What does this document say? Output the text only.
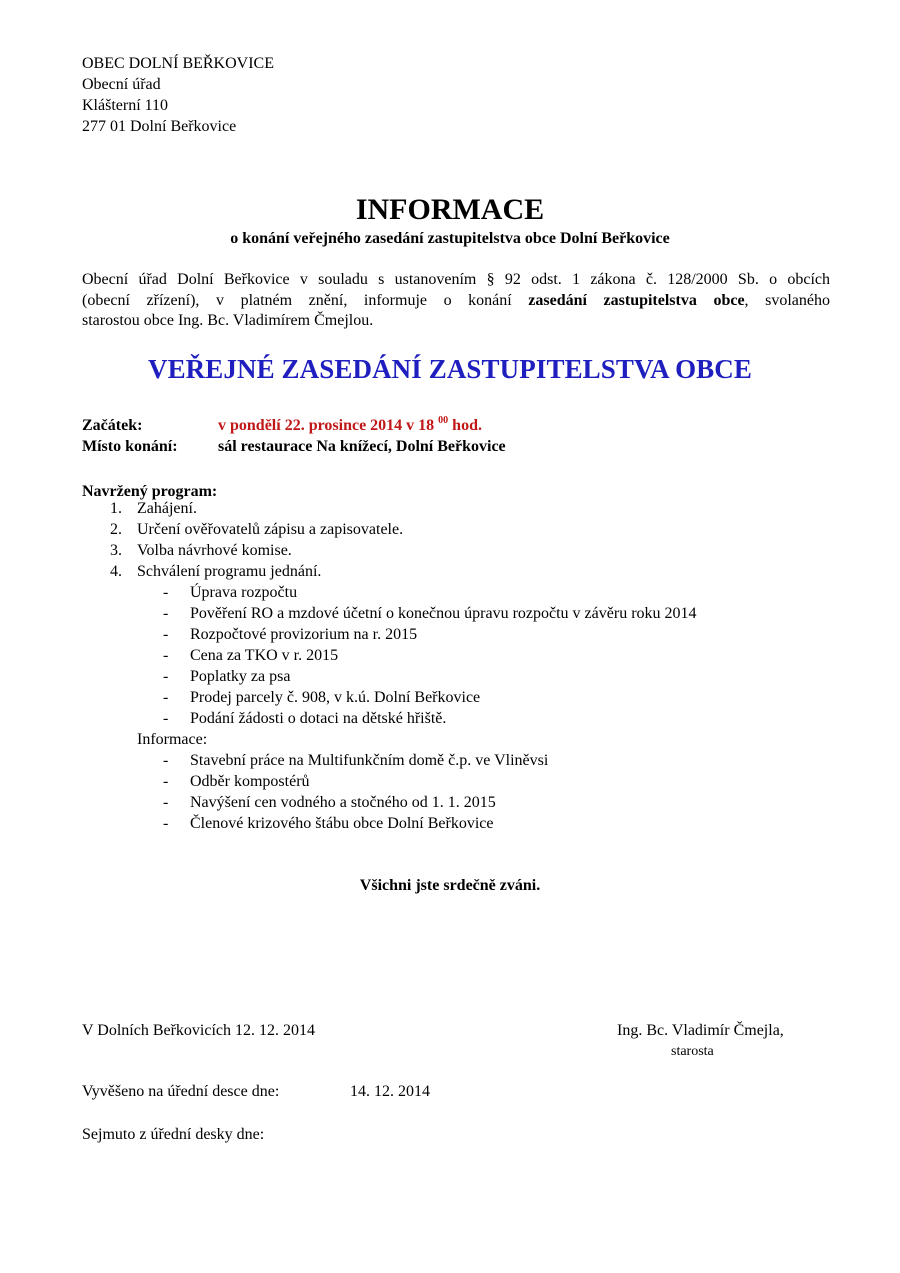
OBEC DOLNÍ BEŘKOVICE
Obecní úřad
Klášterní 110
277 01 Dolní Beřkovice
INFORMACE
o konání veřejného zasedání zastupitelstva obce Dolní Beřkovice
Obecní úřad Dolní Beřkovice v souladu s ustanovením § 92 odst. 1 zákona č. 128/2000 Sb. o obcích
(obecní zřízení), v platném znění, informuje o konání zasedání zastupitelstva obce, svolaného
starostou obce Ing. Bc. Vladimírem Čmejlou.
VEŘEJNÉ ZASEDÁNÍ ZASTUPITELSTVA OBCE
Začátek:	v pondělí 22. prosince 2014 v 18 $^{00}$ hod.
Místo konání:	sál restaurace Na knížecí, Dolní Beřkovice
Navržený program:
1. Zahájení.
2. Určení ověřovatelů zápisu a zapisovatele.
3. Volba návrhové komise.
4. Schválení programu jednání.
- Úprava rozpočtu
- Pověření RO a mzdové účetní o konečnou úpravu rozpočtu v závěru roku 2014
- Rozpočtové provizorium na r. 2015
- Cena za TKO v r. 2015
- Poplatky za psa
- Prodej parcely č. 908, v k.ú. Dolní Beřkovice
- Podání žádosti o dotaci na dětské hřiště.
Informace:
- Stavební práce na Multifunkčním domě č.p. ve Vliněvsi
- Odběr kompostérů
- Navýšení cen vodného a stočného od 1. 1. 2015
- Členové krizového štábu obce Dolní Beřkovice
Všichni jste srdečně zváni.
V Dolních Beřkovicích 12. 12. 2014	Ing. Bc. Vladimír Čmejla,
starosta
Vyvěšeno na úřední desce dne:	14. 12. 2014
Sejmuto z úřední desky dne:
